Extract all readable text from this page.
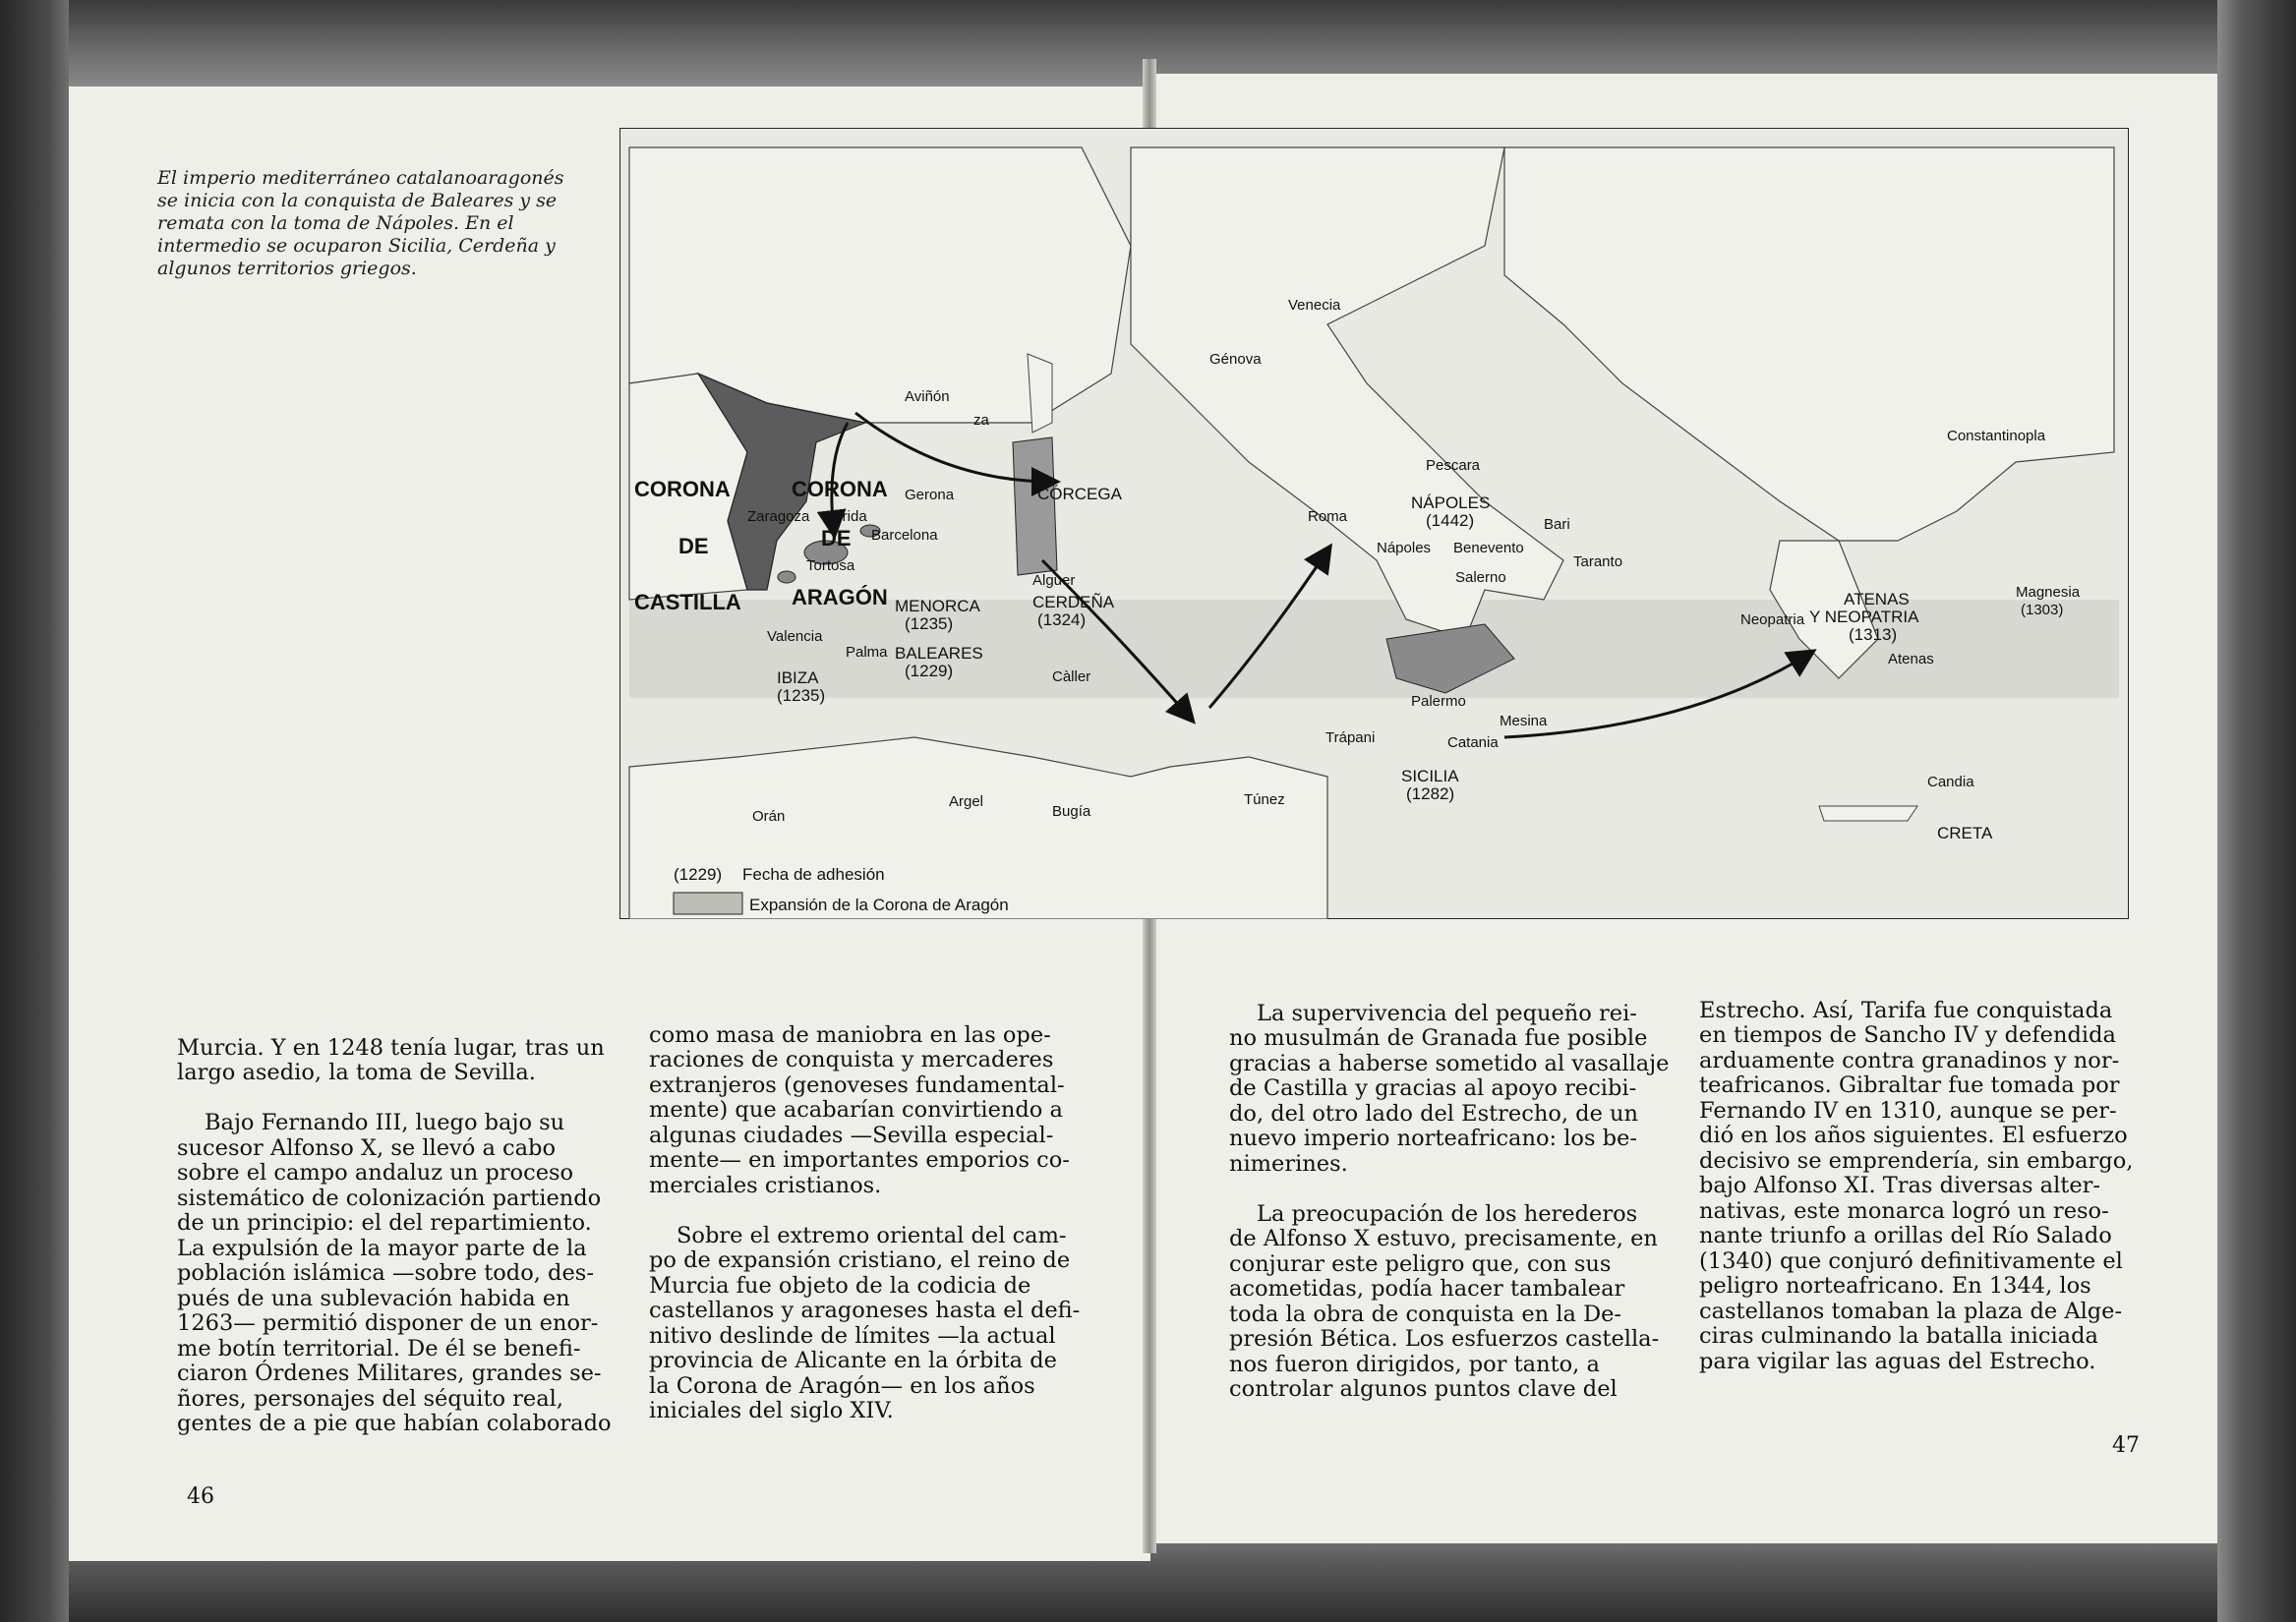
El imperio mediterráneo catalanoaragonés
se inicia con la conquista de Baleares y se
remata con la toma de Nápoles. En el
intermedio se ocuparon Sicilia, Cerdeña y
algunos territorios griegos.
CORONA
DE
CASTILLA
CORONA
DE
ARAGÓN
Aviñón
Génova
Venecia
za
Constantinopla
Gerona
Zaragoza Lérida
Barcelona
Tortosa
Valencia
CÓRCEGA
Roma
Pescara
NÁPOLES
(1442)
Nápoles Benevento
Salerno
Bari
Taranto
Alguer
CERDEÑA
(1324)
Càller
MENORCA
(1235)
Palma BALEARES
(1229)
IBIZA
(1235)
Trápani
Palermo
Mesina
Catania
SICILIA
(1282)
Túnez
Argel
Bugía
Orán
Neopatria
ATENAS
Y NEOPATRIA
(1313)
Atenas
Magnesia
(1303)
Candia
CRETA
(1229) Fecha de adhesión
Expansión de la Corona de Aragón

Murcia. Y en 1248 tenía lugar, tras un
largo asedio, la toma de Sevilla.

Bajo Fernando III, luego bajo su
sucesor Alfonso X, se llevó a cabo
sobre el campo andaluz un proceso
sistemático de colonización partiendo
de un principio: el del repartimiento.
La expulsión de la mayor parte de la
población islámica —sobre todo, des-
pués de una sublevación habida en
1263— permitió disponer de un enor-
me botín territorial. De él se benefi-
ciaron Órdenes Militares, grandes se-
ñores, personajes del séquito real,
gentes de a pie que habían colaborado

como masa de maniobra en las ope-
raciones de conquista y mercaderes
extranjeros (genoveses fundamental-
mente) que acabarían convirtiendo a
algunas ciudades —Sevilla especial-
mente— en importantes emporios co-
merciales cristianos.

Sobre el extremo oriental del cam-
po de expansión cristiano, el reino de
Murcia fue objeto de la codicia de
castellanos y aragoneses hasta el defi-
nitivo deslinde de límites —la actual
provincia de Alicante en la órbita de
la Corona de Aragón— en los años
iniciales del siglo XIV.

La supervivencia del pequeño rei-
no musulmán de Granada fue posible
gracias a haberse sometido al vasallaje
de Castilla y gracias al apoyo recibi-
do, del otro lado del Estrecho, de un
nuevo imperio norteafricano: los be-
nimerines.

La preocupación de los herederos
de Alfonso X estuvo, precisamente, en
conjurar este peligro que, con sus
acometidas, podía hacer tambalear
toda la obra de conquista en la De-
presión Bética. Los esfuerzos castella-
nos fueron dirigidos, por tanto, a
controlar algunos puntos clave del

Estrecho. Así, Tarifa fue conquistada
en tiempos de Sancho IV y defendida
arduamente contra granadinos y nor-
teafricanos. Gibraltar fue tomada por
Fernando IV en 1310, aunque se per-
dió en los años siguientes. El esfuerzo
decisivo se emprendería, sin embargo,
bajo Alfonso XI. Tras diversas alter-
nativas, este monarca logró un reso-
nante triunfo a orillas del Río Salado
(1340) que conjuró definitivamente el
peligro norteafricano. En 1344, los
castellanos tomaban la plaza de Alge-
ciras culminando la batalla iniciada
para vigilar las aguas del Estrecho.

46
47
